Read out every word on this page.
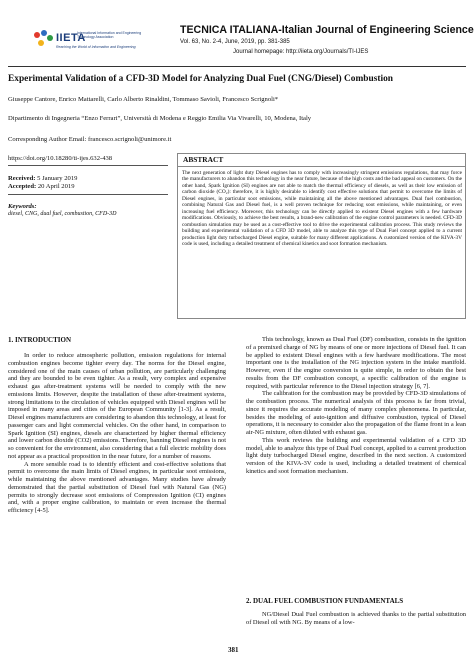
IIETA
International Information and Engineering Technology Association
Reaching the World of Information and Engineering
TECNICA ITALIANA-Italian Journal of Engineering Science
Vol. 63, No. 2-4, June, 2019, pp. 381-385
Journal homepage: http://iieta.org/Journals/TI-IJES
Experimental Validation of a CFD-3D Model for Analyzing Dual Fuel (CNG/Diesel) Combustion
Giuseppe Cantore, Enrico Mattarelli, Carlo Alberto Rinaldini, Tommaso Savioli, Francesco Scrignoli*
Dipartimento di Ingegneria “Enzo Ferrari”, Università di Modena e Reggio Emilia Via Vivarelli, 10, Modena, Italy
Corresponding Author Email: francesco.scrignoli@unimore.it
https://doi.org/10.18280/ti-ijes.632-438
Received: 5 January 2019
Accepted: 20 April 2019
Keywords:
diesel, CNG, dual fuel, combustion, CFD-3D
ABSTRACT
The next generation of light duty Diesel engines has to comply with increasingly stringent emissions regulations, that may force the manufacturers to abandon this technology in the near future, because of the high costs and the bad appeal on customers. On the other hand, Spark Ignition (SI) engines are not able to match the thermal efficiency of diesels, as well as their low emission of carbon dioxide (CO₂): therefore, it is highly desirable to identify cost effective solutions that permit to overcome the limits of Diesel engines, in particular soot emissions, while maintaining all the above mentioned advantages. Dual fuel combustion, combining Natural Gas and Diesel fuel, is a well proven technique for reducing soot emissions, while maintaining, or even increasing fuel efficiency. Moreover, this technology can be directly applied to existent Diesel engines with a few hardware modifications. Obviously, to achieve the best results, a brand-new calibration of the engine control parameters is needed. CFD-3D combustion simulation may be used as a cost-effective tool to drive the experimental calibration process. This study reviews the building and experimental validation of a CFD 3D model, able to analyze this type of Dual Fuel concept applied to a current production light duty turbocharged Diesel engine, suitable for many different applications. A customized version of the KIVA-3V code is used, including a detailed treatment of chemical kinetics and soot formation mechanism.
1. INTRODUCTION

In order to reduce atmospheric pollution, emission regulations for internal combustion engines become tighter every day. The norms for the Diesel engine, considered one of the main causes of urban pollution, are particularly challenging and they are bounded to be even tighter. As a result, very complex and expensive exhaust gas after-treatment systems will be needed to comply with the new emissions limits. However, despite the installation of these after-treatment systems, strong limitations to the circulation of vehicles equipped with Diesel engines will be imposed in many areas and cities of the European Community [1-3]. As a result, Diesel engines manufacturers are considering to abandon this technology, at least for passenger cars and light commercial vehicles. On the other hand, in comparison to Spark Ignition (SI) engines, diesels are characterized by higher thermal efficiency and lower carbon dioxide (CO2) emissions. Therefore, banning Diesel engines is not so convenient for the environment, also considering that a full electric mobility does not appear as a practical proposition in the near future, for a number of reasons.

A more sensible road is to identify efficient and cost-effective solutions that permit to overcome the main limits of Diesel engines, in particular soot emissions, while maintaining the above mentioned advantages. Many studies have already demonstrated that the partial substitution of Diesel fuel with Natural Gas (NG) permits to strongly decrease soot emissions of Compression Ignition (CI) engines and, with a proper engine calibration, to maintain or even increase the thermal efficiency [4-5].

This technology, known as Dual Fuel (DF) combustion, consists in the ignition of a premixed charge of NG by means of one or more injections of Diesel fuel. It can be applied to existent Diesel engines with a few hardware modifications. The most important one is the installation of the NG injection system in the intake manifold. However, even if the engine conversion is quite simple, in order to obtain the best results from the DF combustion concept, a specific calibration of the engine is required, with particular reference to the Diesel injection strategy [6, 7].

The calibration for the combustion may be provided by CFD-3D simulations of the combustion process. The numerical analysis of this process is far from trivial, since it requires the accurate modeling of many complex phenomena. In particular, besides the modeling of auto-ignition and diffusive combustion, typical of Diesel operations, it is necessary to consider also the propagation of the flame front in a lean air-NG mixture, often diluted with exhaust gas.

This work reviews the building and experimental validation of a CFD 3D model, able to analyze this type of Dual Fuel concept, applied to a current production light duty turbocharged Diesel engine, described in the next section. A customized version of the KIVA-3V code is used, including a detailed treatment of chemical kinetics and soot formation mechanism.

2. DUAL FUEL COMBUSTION FUNDAMENTALS

NG/Diesel Dual Fuel combustion is achieved thanks to the partial substitution of Diesel oil with NG. By means of a low-

381
